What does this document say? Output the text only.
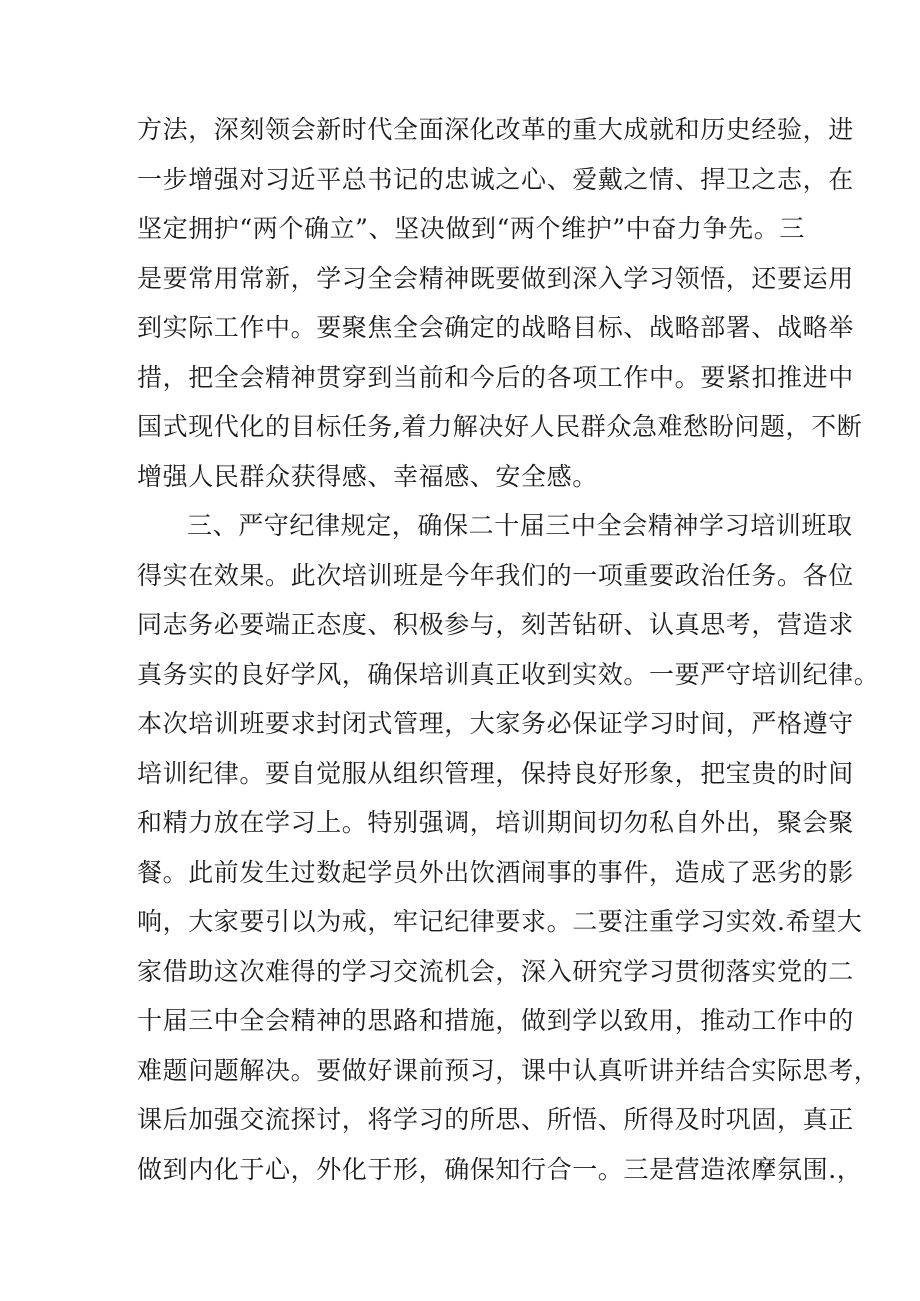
方法，深刻领会新时代全面深化改革的重大成就和历史经验，进
一步增强对习近平总书记的忠诚之心、爱戴之情、捍卫之志，在
坚定拥护“两个确立”、坚决做到“两个维护”中奋力争先。三
是要常用常新，学习全会精神既要做到深入学习领悟，还要运用
到实际工作中。要聚焦全会确定的战略目标、战略部署、战略举
措，把全会精神贯穿到当前和今后的各项工作中。要紧扣推进中
国式现代化的目标任务,着力解决好人民群众急难愁盼问题，不断
增强人民群众获得感、幸福感、安全感。
三、严守纪律规定，确保二十届三中全会精神学习培训班取
得实在效果。此次培训班是今年我们的一项重要政治任务。各位
同志务必要端正态度、积极参与，刻苦钻研、认真思考，营造求
真务实的良好学风，确保培训真正收到实效。一要严守培训纪律。
本次培训班要求封闭式管理，大家务必保证学习时间，严格遵守
培训纪律。要自觉服从组织管理，保持良好形象，把宝贵的时间
和精力放在学习上。特别强调，培训期间切勿私自外出，聚会聚
餐。此前发生过数起学员外出饮酒闹事的事件，造成了恶劣的影
响，大家要引以为戒，牢记纪律要求。二要注重学习实效.希望大
家借助这次难得的学习交流机会，深入研究学习贯彻落实党的二
十届三中全会精神的思路和措施，做到学以致用，推动工作中的
难题问题解决。要做好课前预习，课中认真听讲并结合实际思考，
课后加强交流探讨，将学习的所思、所悟、所得及时巩固，真正
做到内化于心，外化于形，确保知行合一。三是营造浓摩氛围.，
